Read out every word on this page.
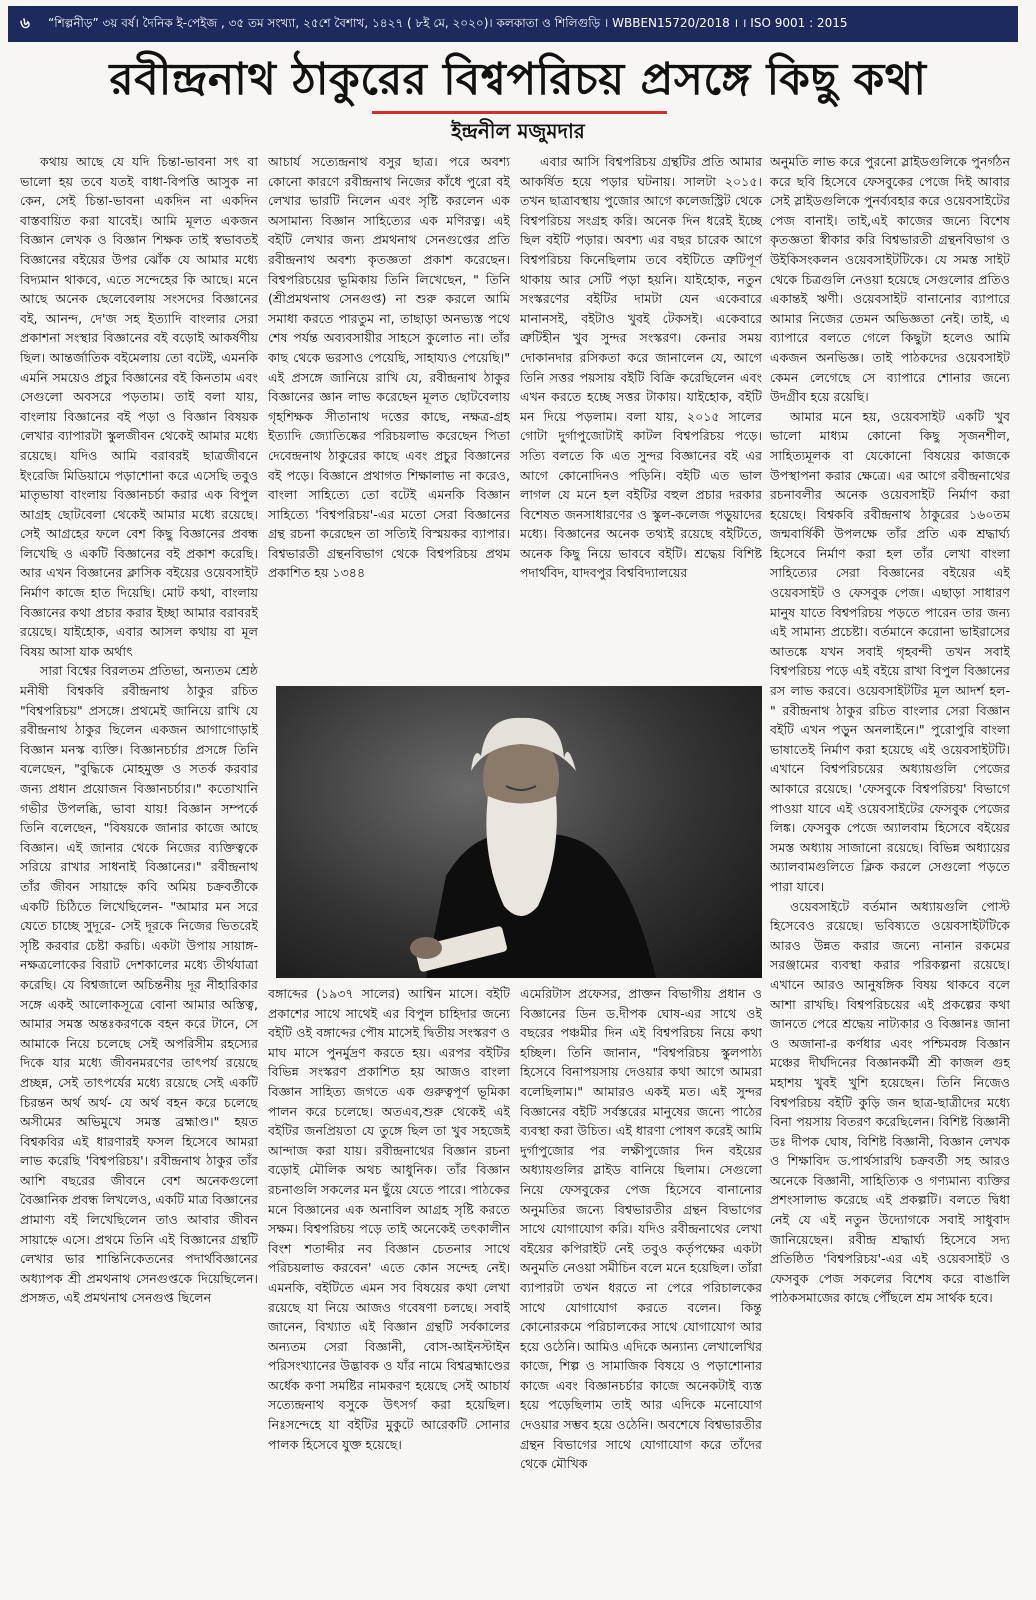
৬	“শিল্পনীড়” ৩য় বর্ষ। দৈনিক ই-পেইজ , ৩৫ তম সংখ্যা, ২৫শে বৈশাখ, ১৪২৭ ( ৮ই মে, ২০২০)। কলকাতা ও শিলিগুড়ি । WBBEN15720/2018 । । ISO 9001 : 2015
রবীন্দ্রনাথ ঠাকুরের বিশ্বপরিচয় প্রসঙ্গে কিছু কথা
ইন্দ্রনীল মজুমদার

কথায় আছে যে যদি চিন্তা-ভাবনা সৎ বা ভালো হয় তবে যতই বাধা-বিপত্তি আসুক না কেন, সেই চিন্তা-ভাবনা একদিন না একদিন বাস্তবায়িত করা যাবেই। আমি মূলত একজন বিজ্ঞান লেখক ও বিজ্ঞান শিক্ষক তাই স্বভাবতই বিজ্ঞানের বইয়ের উপর ঝোঁক যে আমার মধ্যে বিদ্যমান থাকবে, এতে সন্দেহের কি আছে। মনে আছে অনেক ছেলেবেলায় সংসদের বিজ্ঞানের বই, আনন্দ, দে'জ সহ ইত্যাদি বাংলার সেরা প্রকাশনা সংস্থার বিজ্ঞানের বই বড়োই আকর্ষণীয় ছিল। আন্তর্জাতিক বইমেলায় তো বটেই, এমনকি এমনি সময়েও প্রচুর বিজ্ঞানের বই কিনতাম এবং সেগুলো অবসরে পড়তাম। তাই বলা যায়, বাংলায় বিজ্ঞানের বই পড়া ও বিজ্ঞান বিষয়ক লেখার ব্যাপারটা স্কুলজীবন থেকেই আমার মধ্যে রয়েছে। যদিও আমি বরাবরই ছাত্রজীবনে ইংরেজি মিডিয়ামে পড়াশোনা করে এসেছি তবুও মাতৃভাষা বাংলায় বিজ্ঞানচর্চা করার এক বিপুল আগ্রহ ছোটবেলা থেকেই আমার মধ্যে রয়েছে। সেই আগ্রহের ফলে বেশ কিছু বিজ্ঞানের প্রবন্ধ লিখেছি ও একটি বিজ্ঞানের বই প্রকাশ করেছি। আর এখন বিজ্ঞানের ক্লাসিক বইয়ের ওয়েবসাইট নির্মাণ কাজে হাত দিয়েছি। মোট কথা, বাংলায় বিজ্ঞানের কথা প্রচার করার ইচ্ছা আমার বরাবরই রয়েছে। যাইহোক, এবার আসল কথায় বা মূল বিষয় আসা যাক অর্থাৎ

সারা বিশ্বের বিরলতম প্রতিভা, অন্যতম শ্রেষ্ঠ মনীষী বিশ্বকবি রবীন্দ্রনাথ ঠাকুর রচিত "বিশ্বপরিচয়" প্রসঙ্গে। প্রথমেই জানিয়ে রাখি যে রবীন্দ্রনাথ ঠাকুর ছিলেন একজন আগাগোড়াই বিজ্ঞান মনস্ক ব্যক্তি। বিজ্ঞানচর্চার প্রসঙ্গে তিনি বলেছেন, "বুদ্ধিকে মোহমুক্ত ও সতর্ক করবার জন্য প্রধান প্রয়োজন বিজ্ঞানচর্চার।" কতোখানি গভীর উপলব্ধি, ভাবা যায়! বিজ্ঞান সম্পর্কে তিনি বলেছেন, "বিষয়কে জানার কাজে আছে বিজ্ঞান। এই জানার থেকে নিজের ব্যক্তিত্বকে সরিয়ে রাখার সাধনাই বিজ্ঞানের।" রবীন্দ্রনাথ তাঁর জীবন সায়াহ্নে কবি অমিয় চক্রবর্তীকে একটি চিঠিতে লিখেছিলেন- "আমার মন সরে যেতে চাচ্ছে সুদূরে- সেই দূরকে নিজের ভিতরেই সৃষ্টি করবার চেষ্টা করচি। একটা উপায় সায়াঙ্গ-নক্ষত্রলোকের বিরাট দেশকালের মধ্যে তীর্থযাত্রা করেছি। যে বিশ্বজালে অচিন্তনীয় দূর নীহারিকার সঙ্গে একই আলোকসূত্রে বোনা আমার অস্তিত্ব, আমার সমস্ত অন্তঃকরণকে বহন করে টানে, সে আমাকে নিয়ে চলেছে সেই অপরিসীম রহস্যের দিকে যার মধ্যে জীবনমরণের তাৎপর্য রয়েছে প্রচ্ছন্ন, সেই তাৎপর্যের মধ্যে রয়েছে সেই একটি চিরন্তন অর্থ অর্থ- যে অর্থ বহন করে চলেছে অসীমের অভিমুখে সমস্ত ব্রহ্মাণ্ড।" হয়ত বিশ্বকবির এই ধারণারই ফসল হিসেবে আমরা লাভ করেছি 'বিশ্বপরিচয়'। রবীন্দ্রনাথ ঠাকুর তাঁর আশি বছরের জীবনে বেশ অনেকগুলো বৈজ্ঞানিক প্রবন্ধ লিখলেও, একটি মাত্র বিজ্ঞানের প্রামাণ্য বই লিখেছিলেন তাও আবার জীবন সায়াহ্নে এসে। প্রথমে তিনি এই বিজ্ঞানের গ্রন্থটি লেখার ভার শান্তিনিকেতনের পদার্থবিজ্ঞানের অধ্যাপক শ্রী প্রমথনাথ সেনগুপ্তকে দিয়েছিলেন। প্রসঙ্গত, এই প্রমথনাথ সেনগুপ্ত ছিলেন

আচার্য সত্যেন্দ্রনাথ বসুর ছাত্র। পরে অবশ্য কোনো কারণে রবীন্দ্রনাথ নিজের কাঁধে পুরো বই লেখার ভারটি নিলেন এবং সৃষ্টি করলেন এক অসামান্য বিজ্ঞান সাহিত্যের এক মণিরত্ন। এই বইটি লেখার জন্য প্রমথনাথ সেনগুপ্তের প্রতি রবীন্দ্রনাথ অবশ্য কৃতজ্ঞতা প্রকাশ করেছেন। বিশ্বপরিচয়ের ভূমিকায় তিনি লিখেছেন, " তিনি (শ্রীপ্রমথনাথ সেনগুপ্ত) না শুরু করলে আমি সমাধা করতে পারতুম না, তাছাড়া অনভ্যস্ত পথে শেষ পর্যন্ত অব্যবসায়ীর সাহসে কুলোত না। তাঁর কাছ থেকে ভরসাও পেয়েছি, সাহায্যও পেয়েছি।" এই প্রসঙ্গে জানিয়ে রাখি যে, রবীন্দ্রনাথ ঠাকুর বিজ্ঞানের জ্ঞান লাভ করেছেন মূলত ছোটবেলায় গৃহশিক্ষক সীতানাথ দত্তের কাছে, নক্ষত্র-গ্রহ ইত্যাদি জ্যোতিষ্কের পরিচয়লাভ করেছেন পিতা দেবেন্দ্রনাথ ঠাকুরের কাছে এবং প্রচুর বিজ্ঞানের বই পড়ে। বিজ্ঞানে প্রথাগত শিক্ষালাভ না করেও, বাংলা সাহিত্যে তো বটেই এমনকি বিজ্ঞান সাহিত্যে 'বিশ্বপরিচয়'-এর মতো সেরা বিজ্ঞানের গ্রন্থ রচনা করেছেন তা সত্যিই বিস্ময়কর ব্যাপার। বিশ্বভারতী গ্রন্থনবিভাগ থেকে বিশ্বপরিচয় প্রথম প্রকাশিত হয় ১৩৪৪

এবার আসি বিশ্বপরিচয় গ্রন্থটির প্রতি আমার আকর্ষিত হয়ে পড়ার ঘটনায়। সালটা ২০১৫। তখন ছাত্রাবস্থায় পুজোর আগে কলেজস্ট্রিট থেকে বিশ্বপরিচয় সংগ্রহ করি। অনেক দিন ধরেই ইচ্ছে ছিল বইটি পড়ার। অবশ্য এর বছর চারেক আগে বিশ্বপরিচয় কিনেছিলাম তবে বইটিতে ত্রুটিপূর্ণ থাকায় আর সেটি পড়া হয়নি। যাইহোক, নতুন সংস্করণের বইটির দামটা যেন একেবারে মানানসই, বইটাও খুবই টেকসই। একেবারে ত্রুটিহীন খুব সুন্দর সংস্করণ। কেনার সময় দোকানদার রসিকতা করে জানালেন যে, আগে তিনি সত্তর পয়সায় বইটি বিক্রি করেছিলেন এবং এখন করতে হচ্ছে সত্তর টাকায়। যাইহোক, বইটি মন দিয়ে পড়লাম। বলা যায়, ২০১৫ সালের গোটা দুর্গাপুজোটাই কাটল বিশ্বপরিচয় পড়ে। সত্যি বলতে কি এত সুন্দর বিজ্ঞানের বই এর আগে কোনোদিনও পড়িনি। বইটি এত ভাল লাগল যে মনে হল বইটির বহুল প্রচার দরকার বিশেষত জনসাধারণের ও স্কুল-কলেজ পড়ুয়াদের মধ্যে। বিজ্ঞানের অনেক তথ্যই রয়েছে বইটিতে, অনেক কিছু নিয়ে ভাববে বইটি। শ্রদ্ধেয় বিশিষ্ট পদার্থবিদ, যাদবপুর বিশ্ববিদ্যালয়ের

বঙ্গাব্দের (১৯৩৭ সালের) আশ্বিন মাসে। বইটি প্রকাশের সাথে সাথেই এর বিপুল চাহিদার জন্যে বইটি ওই বঙ্গাব্দের পৌষ মাসেই দ্বিতীয় সংস্করণ ও মাঘ মাসে পুনর্মুদ্রণ করতে হয়। এরপর বইটির বিভিন্ন সংস্করণ প্রকাশিত হয় আজও বাংলা বিজ্ঞান সাহিত্য জগতে এক গুরুত্বপূর্ণ ভূমিকা পালন করে চলেছে। অতএব,শুরু থেকেই এই বইটির জনপ্রিয়তা যে তুঙ্গে ছিল তা খুব সহজেই আন্দাজ করা যায়। রবীন্দ্রনাথের বিজ্ঞান রচনা বড়োই মৌলিক অথচ আধুনিক। তাঁর বিজ্ঞান রচনাগুলি সকলের মন ছুঁয়ে যেতে পারে। পাঠকের মনে বিজ্ঞানের এক অনাবিল আগ্রহ সৃষ্টি করতে সক্ষম। বিশ্বপরিচয় পড়ে তাই অনেকেই তৎকালীন বিংশ শতাব্দীর নব বিজ্ঞান চেতনার সাথে পরিচয়লাভ করবেন' এতে কোন সন্দেহ নেই। এমনকি, বইটিতে এমন সব বিষয়ের কথা লেখা রয়েছে যা নিয়ে আজও গবেষণা চলছে। সবাই জানেন, বিখ্যাত এই বিজ্ঞান গ্রন্থটি সর্বকালের অন্যতম সেরা বিজ্ঞানী, বোস-আইনস্টাইন পরিসংখ্যানের উদ্ভাবক ও যাঁর নামে বিশ্বব্রহ্মাণ্ডের অর্ধেক কণা সমষ্টির নামকরণ হয়েছে সেই আচার্য সত্যেন্দ্রনাথ বসুকে উৎসর্গ করা হয়েছিল। নিঃসন্দেহে যা বইটির মুকুটে আরেকটি সোনার পালক হিসেবে যুক্ত হয়েছে।

এমেরিটাস প্রফেসর, প্রাক্তন বিভাগীয় প্রধান ও বিজ্ঞানের ডিন ড.দীপক ঘোষ-এর সাথে ওই বছরের পঞ্চমীর দিন এই বিশ্বপরিচয় নিয়ে কথা হচ্ছিল। তিনি জানান, "বিশ্বপরিচয় স্কুলপাঠ্য হিসেবে বিনাপয়সায় দেওয়ার কথা আগে আমরা বলেছিলাম।" আমারও একই মত। এই সুন্দর বিজ্ঞানের বইটি সর্বস্তরের মানুষের জন্যে পাঠের ব্যবস্থা করা উচিত। এই ধারণা পোষণ করেই আমি দুর্গাপুজোর পর লক্ষীপুজোর দিন বইয়ের অধ্যায়গুলির স্লাইড বানিয়ে ছিলাম। সেগুলো নিয়ে ফেসবুকের পেজ হিসেবে বানানোর অনুমতির জন্যে বিশ্বভারতীর গ্রন্থন বিভাগের সাথে যোগাযোগ করি। যদিও রবীন্দ্রনাথের লেখা বইয়ের কপিরাইট নেই তবুও কর্তৃপক্ষের একটা অনুমতি নেওয়া সমীচিন বলে মনে হয়েছিল। তাঁরা ব্যাপারটা তখন ধরতে না পেরে পরিচালকের সাথে যোগাযোগ করতে বলেন। কিন্তু কোনোরকমে পরিচালকের সাথে যোগাযোগ আর হয়ে ওঠেনি। আমিও এদিকে অন্যান্য লেখালেখির কাজে, শিল্প ও সামাজিক বিষয়ে ও পড়াশোনার কাজে এবং বিজ্ঞানচর্চার কাজে অনেকটাই ব্যস্ত হয়ে পড়েছিলাম তাই আর এদিকে মনোযোগ দেওয়ার সম্ভব হয়ে ওঠেনি। অবশেষে বিশ্বভারতীর গ্রন্থন বিভাগের সাথে যোগাযোগ করে তাঁদের থেকে মৌখিক

অনুমতি লাভ করে পুরনো স্লাইডগুলিকে পুনর্গঠন করে ছবি হিসেবে ফেসবুকের পেজে দিই আবার সেই স্লাইডগুলিকে পুনর্ব্যবহার করে ওয়েবসাইটের পেজ বানাই। তাই,এই কাজের জন্যে বিশেষ কৃতজ্ঞতা স্বীকার করি বিশ্বভারতী গ্রন্থনবিভাগ ও উইকিসংকলন ওয়েবসাইটটিকে। যে সমস্ত সাইট থেকে চিত্রগুলি নেওয়া হয়েছে সেগুলোর প্রতিও একান্তই ঋণী। ওয়েবসাইট বানানোর ব্যাপারে আমার নিজের তেমন অভিজ্ঞতা নেই। তাই, এ ব্যাপারে বলতে গেলে কিছুটা হলেও আমি একজন অনভিজ্ঞ। তাই পাঠকদের ওয়েবসাইট কেমন লেগেছে সে ব্যাপারে শোনার জন্যে উদগ্রীব হয়ে রয়েছি।

আমার মনে হয়, ওয়েবসাইট একটি খুব ভালো মাধ্যম কোনো কিছু সৃজনশীল, সাহিত্যমূলক বা যেকোনো বিষয়ের কাজকে উপস্থাপনা করার ক্ষেত্রে। এর আগে রবীন্দ্রনাথের রচনাবলীর অনেক ওয়েবসাইট নির্মাণ করা হয়েছে। বিশ্বকবি রবীন্দ্রনাথ ঠাকুরের ১৬০তম জন্মবার্ষিকী উপলক্ষে তাঁর প্রতি এক শ্রদ্ধার্ঘ্য হিসেবে নির্মাণ করা হল তাঁর লেখা বাংলা সাহিত্যের সেরা বিজ্ঞানের বইয়ের এই ওয়েবসাইট ও ফেসবুক পেজ। এছাড়া সাধারণ মানুষ যাতে বিশ্বপরিচয় পড়তে পারেন তার জন্য এই সামান্য প্রচেষ্টা। বর্তমানে করোনা ভাইরাসের আতঙ্কে যখন সবাই গৃহবন্দী তখন সবাই বিশ্বপরিচয় পড়ে এই বইয়ে রাখা বিপুল বিজ্ঞানের রস লাভ করবে। ওয়েবসাইটটির মূল আদর্শ হল- " রবীন্দ্রনাথ ঠাকুর রচিত বাংলার সেরা বিজ্ঞান বইটি এখন পড়ুন অনলাইনে।" পুরোপুরি বাংলা ভাষাতেই নির্মাণ করা হয়েছে এই ওয়েবসাইটটি। এখানে বিশ্বপরিচয়ের অধ্যায়গুলি পেজের আকারে রয়েছে। 'ফেসবুকে বিশ্বপরিচয়' বিভাগে পাওয়া যাবে এই ওয়েবসাইটের ফেসবুক পেজের লিঙ্ক। ফেসবুক পেজে অ্যালবাম হিসেবে বইয়ের সমস্ত অধ্যায় সাজানো রয়েছে। বিভিন্ন অধ্যায়ের অ্যালবামগুলিতে ক্লিক করলে সেগুলো পড়তে পারা যাবে।

ওয়েবসাইটে বর্তমান অধ্যায়গুলি পোস্ট হিসেবেও রয়েছে। ভবিষ্যতে ওয়েবসাইটটিকে আরও উন্নত করার জন্যে নানান রকমের সরঞ্জামের ব্যবস্থা করার পরিকল্পনা রয়েছে। এখানে আরও আনুষঙ্গিক বিষয় থাকবে বলে আশা রাখছি। বিশ্বপরিচয়ের এই প্রকল্পের কথা জানতে পেরে শ্রদ্ধেয় নাট্যকার ও বিজ্ঞানঃ জানা ও অজানা-র কর্ণধার এবং পশ্চিমবঙ্গ বিজ্ঞান মঞ্চের দীর্ঘদিনের বিজ্ঞানকর্মী শ্রী কাজল গুহ মহাশয় খুবই খুশি হয়েছেন। তিনি নিজেও বিশ্বপরিচয় বইটি কুড়ি জন ছাত্র-ছাত্রীদের মধ্যে বিনা পয়সায় বিতরণ করেছিলেন। বিশিষ্ট বিজ্ঞানী ডঃ দীপক ঘোষ, বিশিষ্ট বিজ্ঞানী, বিজ্ঞান লেখক ও শিক্ষাবিদ ড.পার্থসারথি চক্রবর্তী সহ আরও অনেকে বিজ্ঞানী, সাহিত্যিক ও গণ্যমান্য ব্যক্তির প্রশংসালাভ করেছে এই প্রকল্পটি। বলতে দ্বিধা নেই যে এই নতুন উদ্যোগকে সবাই সাধুবাদ জানিয়েছেন। রবীন্দ্র শ্রদ্ধার্ঘ্য হিসেবে সদ্য প্রতিষ্ঠিত 'বিশ্বপরিচয়'-এর এই ওয়েবসাইট ও ফেসবুক পেজ সকলের বিশেষ করে বাঙালি পাঠকসমাজের কাছে পৌঁছলে শ্রম সার্থক হবে।
